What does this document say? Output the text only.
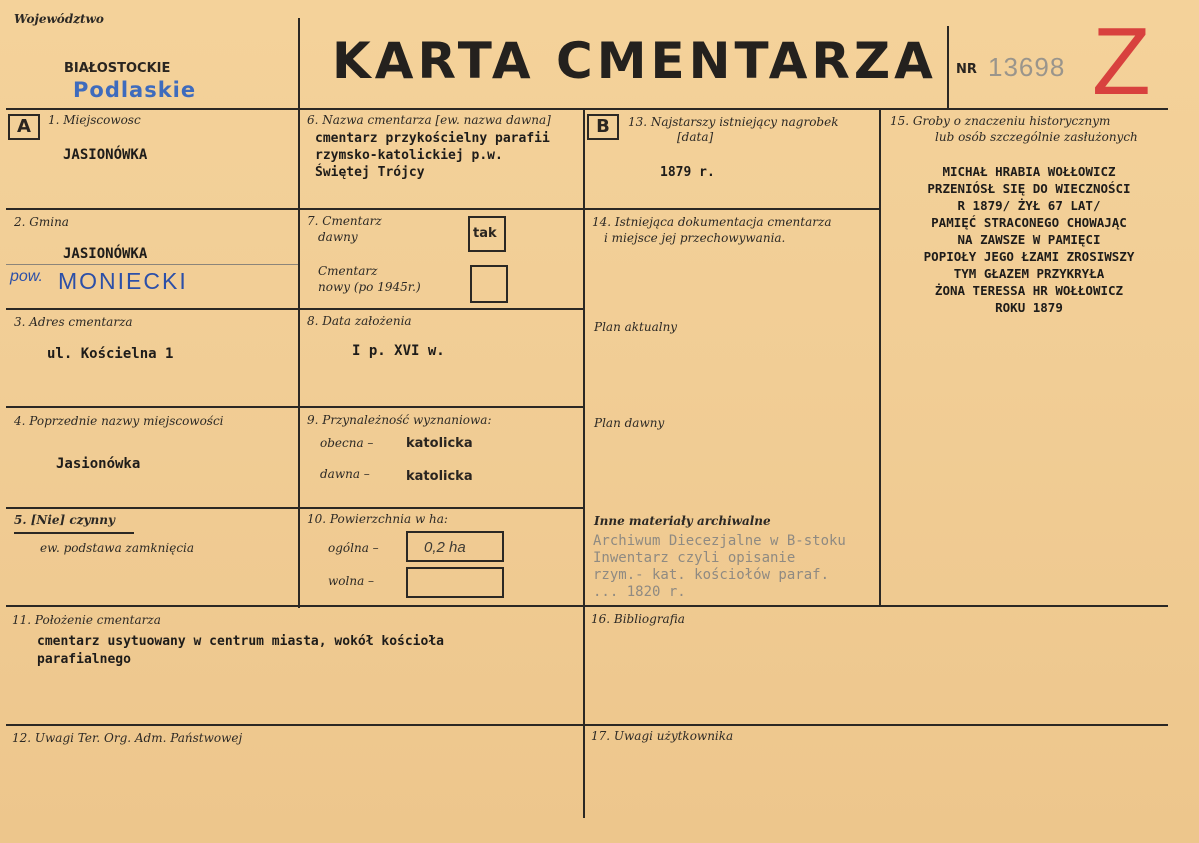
Województwo
BIAŁOSTOCKIE
Podlaskie	KARTA CMENTARZA NR 13698 Z
A	1. Miejscowosc
JASIONÓWKA
2. Gmina
JASIONÓWKA
pow. MONIECKI
3. Adres cmentarza
ul. Kościelna 1
4. Poprzednie nazwy miejscowości
Jasionówka
5. [Nie] czynny
ew. podstawa zamknięcia
6. Nazwa cmentarza [ew. nazwa dawna]
cmentarz przykościelny parafii
rzymsko-katolickiej p.w.
Świętej Trójcy
7. Cmentarz
dawny	tak
Cmentarz
nowy (po 1945r.)
8. Data założenia
I p. XVI w.
9. Przynależność wyznaniowa:
obecna –	katolicka
dawna –	katolicka
10. Powierzchnia w ha:
ogólna –	0,2 ha
wolna –
B	13. Najstarszy istniejący nagrobek
[data]
1879 r.
14. Istniejąca dokumentacja cmentarza
i miejsce jej przechowywania.
Plan aktualny
Plan dawny
Inne materiały archiwalne
Archiwum Diecezjalne w B-stoku
Inwentarz czyli opisanie
rzym.- kat. kościołów paraf.
... 1820 r.
15. Groby o znaczeniu historycznym
lub osób szczególnie zasłużonych
MICHAŁ HRABIA WOŁŁOWICZ
PRZENIÓSŁ SIĘ DO WIECZNOŚCI
R 1879/ ŻYŁ 67 LAT/
PAMIĘĆ STRACONEGO CHOWAJĄC
NA ZAWSZE W PAMIĘCI
POPIOŁY JEGO ŁZAMI ZROSIWSZY
TYM GŁAZEM PRZYKRYŁA
ŻONA TERESSA HR WOŁŁOWICZ
ROKU 1879
11. Położenie cmentarza
cmentarz usytuowany w centrum miasta, wokół kościoła
parafialnego
16. Bibliografia
12. Uwagi Ter. Org. Adm. Państwowej	17. Uwagi użytkownika
